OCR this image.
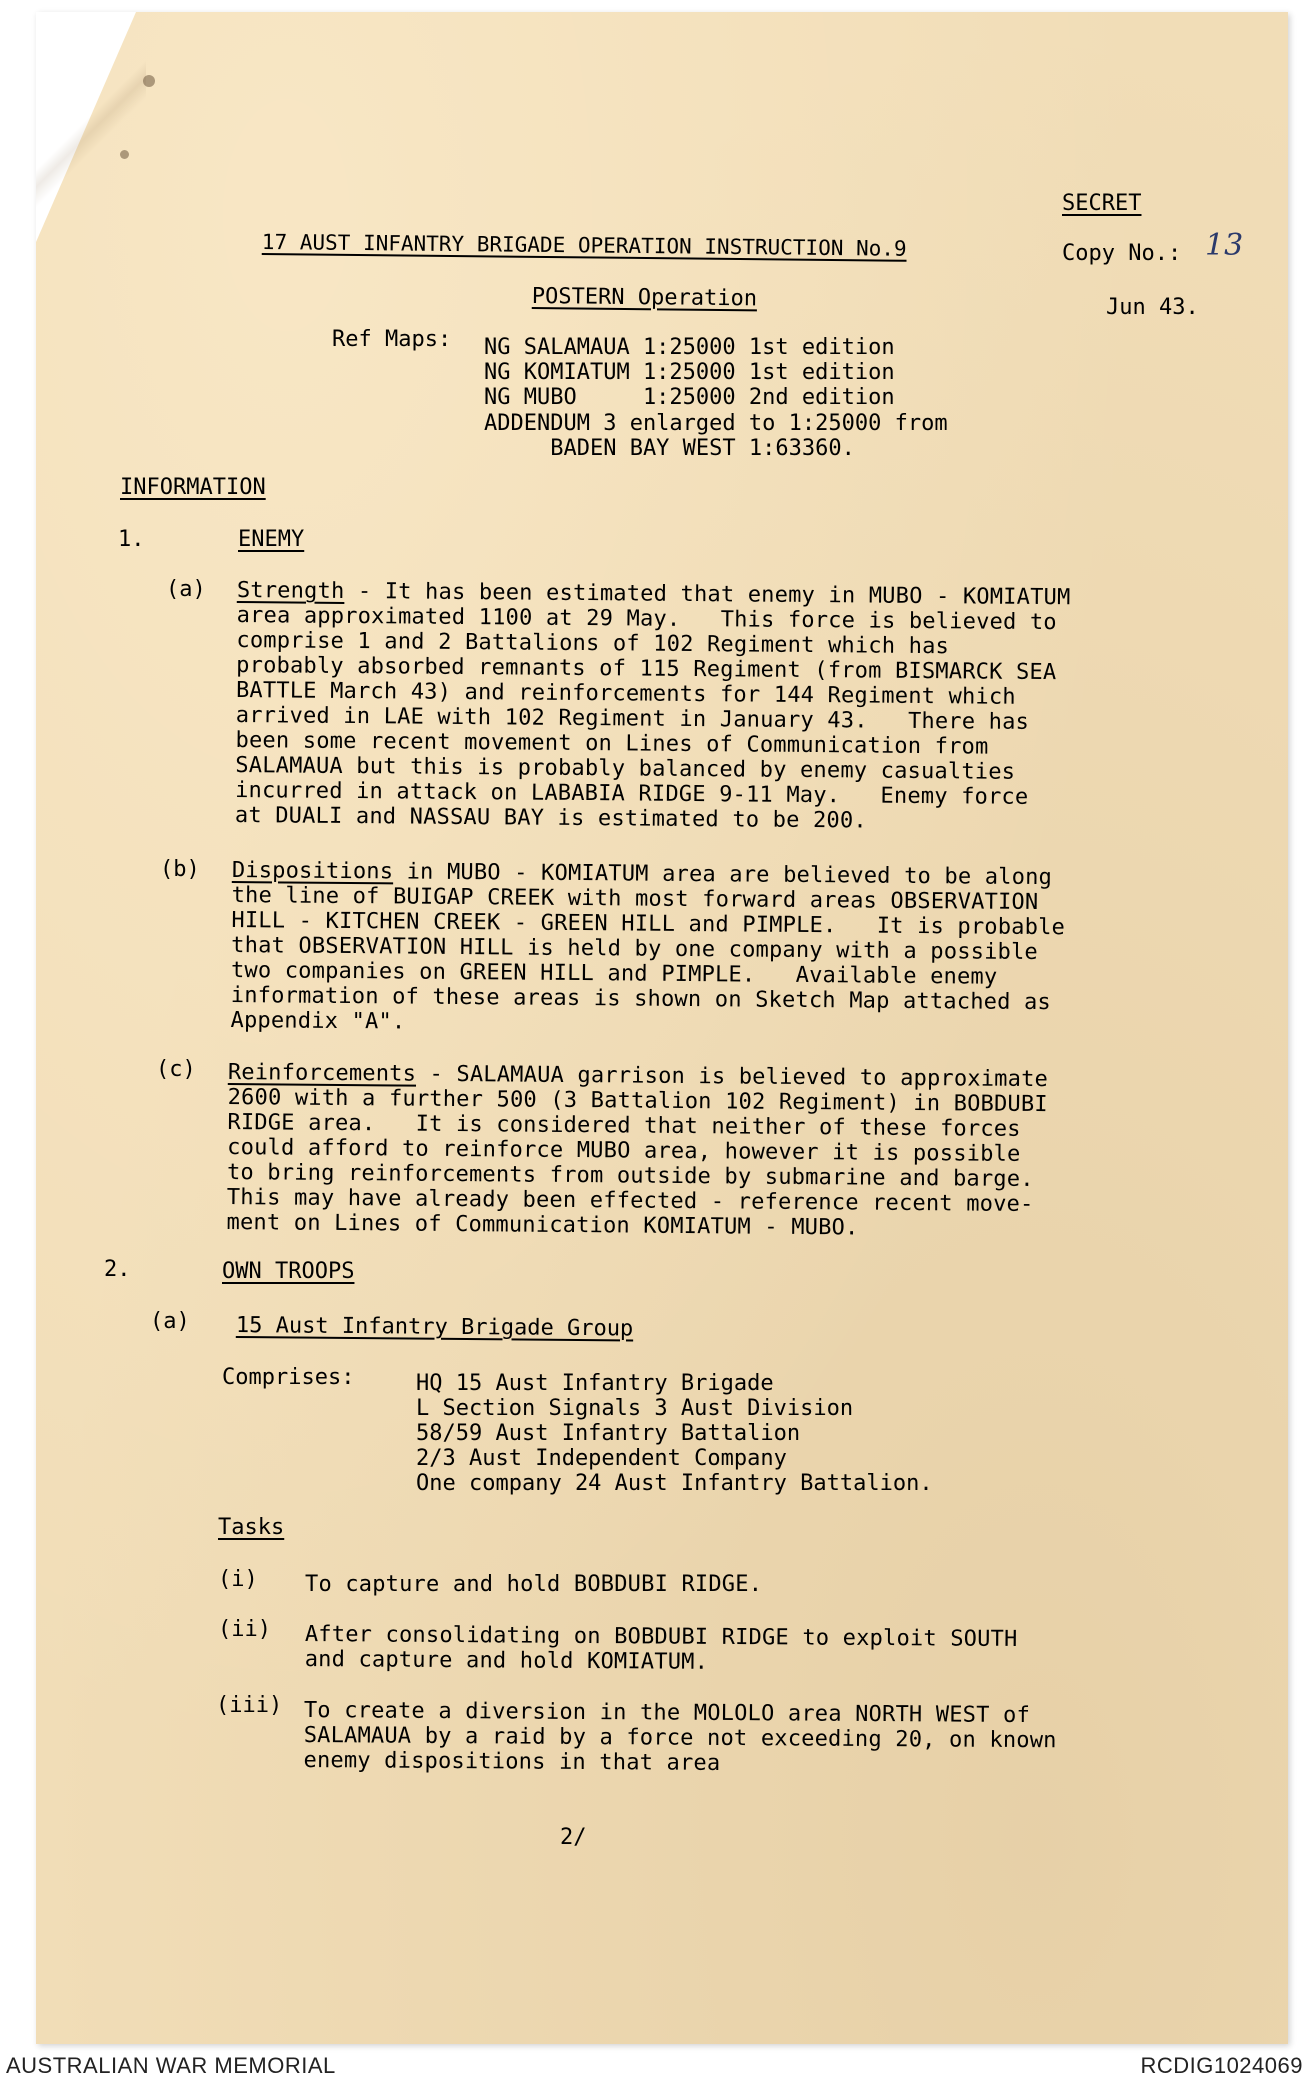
SECRET
17 AUST INFANTRY BRIGADE OPERATION INSTRUCTION No.9	Copy No.: 13
POSTERN Operation	Jun 43.
Ref Maps: NG SALAMAUA 1:25000 1st edition
NG KOMIATUM 1:25000 1st edition
NG MUBO     1:25000 2nd edition
ADDENDUM 3 enlarged to 1:25000 from
BADEN BAY WEST 1:63360.
INFORMATION
1.	ENEMY
(a) Strength - It has been estimated that enemy in MUBO - KOMIATUM
area approximated 1100 at 29 May.   This force is believed to
comprise 1 and 2 Battalions of 102 Regiment which has
probably absorbed remnants of 115 Regiment (from BISMARCK SEA
BATTLE March 43) and reinforcements for 144 Regiment which
arrived in LAE with 102 Regiment in January 43.   There has
been some recent movement on Lines of Communication from
SALAMAUA but this is probably balanced by enemy casualties
incurred in attack on LABABIA RIDGE 9-11 May.   Enemy force
at DUALI and NASSAU BAY is estimated to be 200.
(b) Dispositions in MUBO - KOMIATUM area are believed to be along
the line of BUIGAP CREEK with most forward areas OBSERVATION
HILL - KITCHEN CREEK - GREEN HILL and PIMPLE.   It is probable
that OBSERVATION HILL is held by one company with a possible
two companies on GREEN HILL and PIMPLE.   Available enemy
information of these areas is shown on Sketch Map attached as
Appendix "A".
(c) Reinforcements - SALAMAUA garrison is believed to approximate
2600 with a further 500 (3 Battalion 102 Regiment) in BOBDUBI
RIDGE area.   It is considered that neither of these forces
could afford to reinforce MUBO area, however it is possible
to bring reinforcements from outside by submarine and barge.
This may have already been effected - reference recent move-
ment on Lines of Communication KOMIATUM - MUBO.
2.	OWN TROOPS
(a) 15 Aust Infantry Brigade Group
Comprises:	HQ 15 Aust Infantry Brigade
L Section Signals 3 Aust Division
58/59 Aust Infantry Battalion
2/3 Aust Independent Company
One company 24 Aust Infantry Battalion.
Tasks
(i) To capture and hold BOBDUBI RIDGE.
(ii) After consolidating on BOBDUBI RIDGE to exploit SOUTH
and capture and hold KOMIATUM.
(iii) To create a diversion in the MOLOLO area NORTH WEST of
SALAMAUA by a raid by a force not exceeding 20, on known
enemy dispositions in that area
2/
AUSTRALIAN WAR MEMORIAL	RCDIG1024069
